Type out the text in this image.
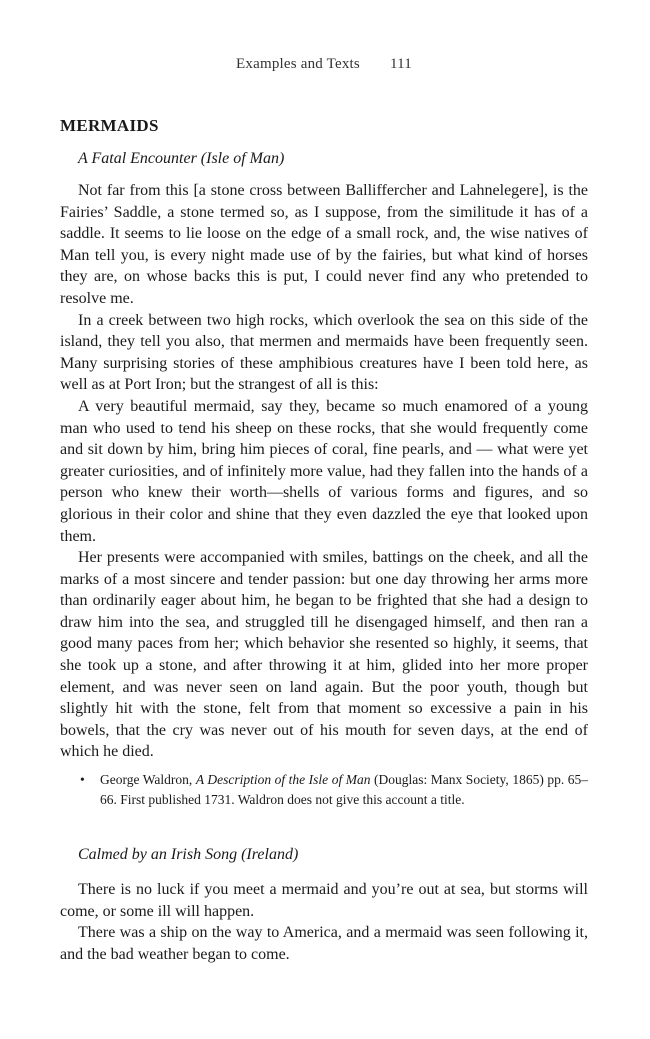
Examples and Texts 111
MERMAIDS
A Fatal Encounter (Isle of Man)

Not far from this [a stone cross between Balliffercher and Lahnelegere], is the Fairies’ Saddle, a stone termed so, as I suppose, from the similitude it has of a saddle. It seems to lie loose on the edge of a small rock, and, the wise natives of Man tell you, is every night made use of by the fairies, but what kind of horses they are, on whose backs this is put, I could never find any who pretended to resolve me.

In a creek between two high rocks, which overlook the sea on this side of the island, they tell you also, that mermen and mermaids have been frequently seen. Many surprising stories of these amphibious creatures have I been told here, as well as at Port Iron; but the strangest of all is this:

A very beautiful mermaid, say they, became so much enamored of a young man who used to tend his sheep on these rocks, that she would frequently come and sit down by him, bring him pieces of coral, fine pearls, and — what were yet greater curiosities, and of infinitely more value, had they fallen into the hands of a person who knew their worth—shells of various forms and figures, and so glorious in their color and shine that they even dazzled the eye that looked upon them.

Her presents were accompanied with smiles, battings on the cheek, and all the marks of a most sincere and tender passion: but one day throwing her arms more than ordinarily eager about him, he began to be frighted that she had a design to draw him into the sea, and struggled till he disengaged himself, and then ran a good many paces from her; which behavior she resented so highly, it seems, that she took up a stone, and after throwing it at him, glided into her more proper element, and was never seen on land again. But the poor youth, though but slightly hit with the stone, felt from that moment so excessive a pain in his bowels, that the cry was never out of his mouth for seven days, at the end of which he died.

• George Waldron, A Description of the Isle of Man (Douglas: Manx Society, 1865) pp. 65–66. First published 1731. Waldron does not give this account a title.
Calmed by an Irish Song (Ireland)

There is no luck if you meet a mermaid and you’re out at sea, but storms will come, or some ill will happen.

There was a ship on the way to America, and a mermaid was seen following it, and the bad weather began to come.
